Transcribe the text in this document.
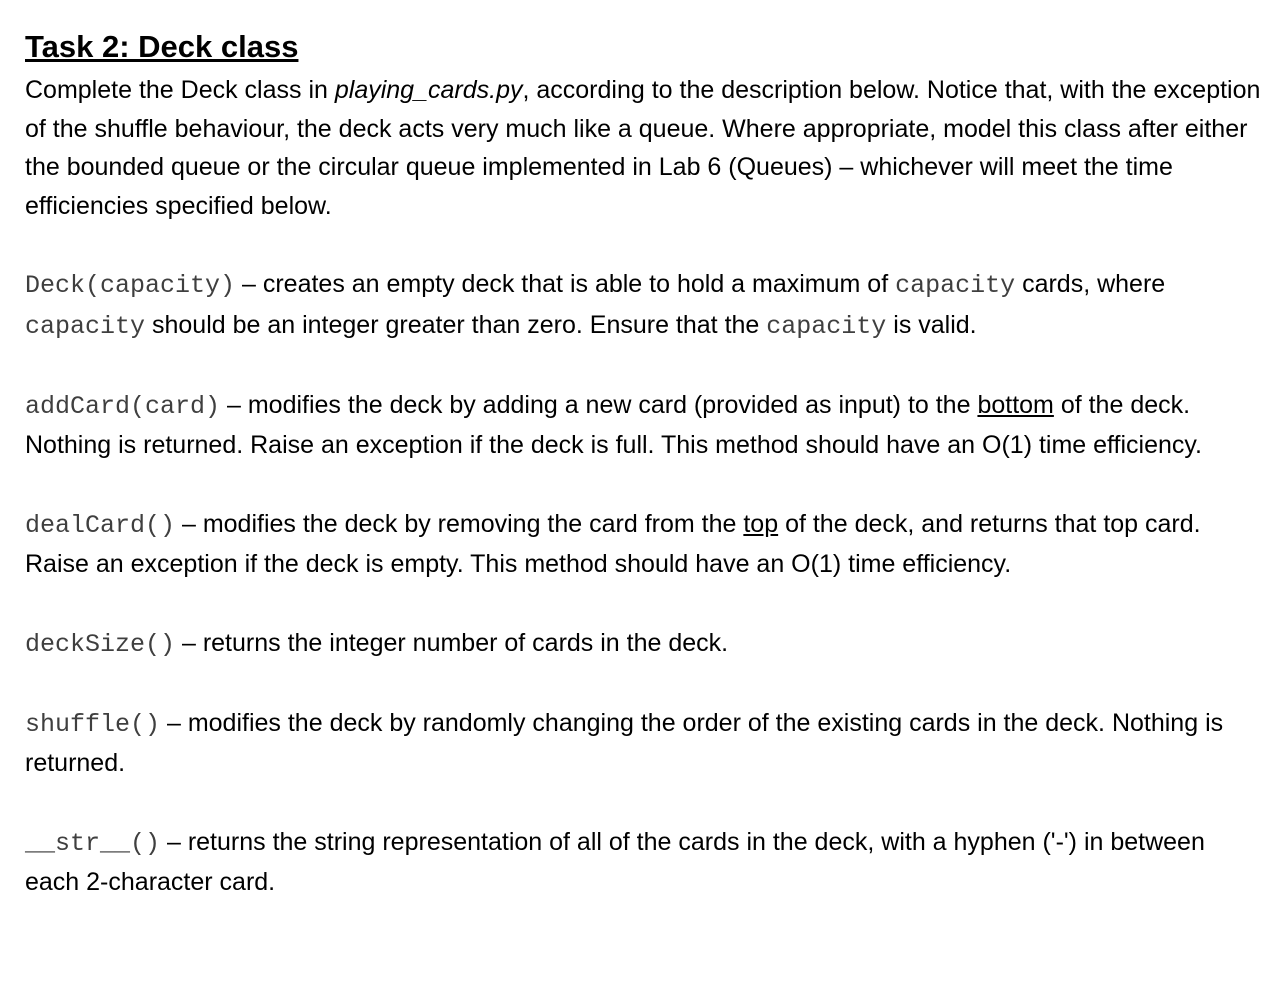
Task 2: Deck class

Complete the Deck class in playing_cards.py, according to the description below. Notice that, with the exception of the shuffle behaviour, the deck acts very much like a queue. Where appropriate, model this class after either the bounded queue or the circular queue implemented in Lab 6 (Queues) – whichever will meet the time efficiencies specified below.

Deck(capacity) – creates an empty deck that is able to hold a maximum of capacity cards, where capacity should be an integer greater than zero. Ensure that the capacity is valid.

addCard(card) – modifies the deck by adding a new card (provided as input) to the bottom of the deck. Nothing is returned. Raise an exception if the deck is full. This method should have an O(1) time efficiency.

dealCard() – modifies the deck by removing the card from the top of the deck, and returns that top card. Raise an exception if the deck is empty. This method should have an O(1) time efficiency.

deckSize() – returns the integer number of cards in the deck.

shuffle() – modifies the deck by randomly changing the order of the existing cards in the deck. Nothing is returned.

__str__() – returns the string representation of all of the cards in the deck, with a hyphen ('-') in between each 2-character card.
